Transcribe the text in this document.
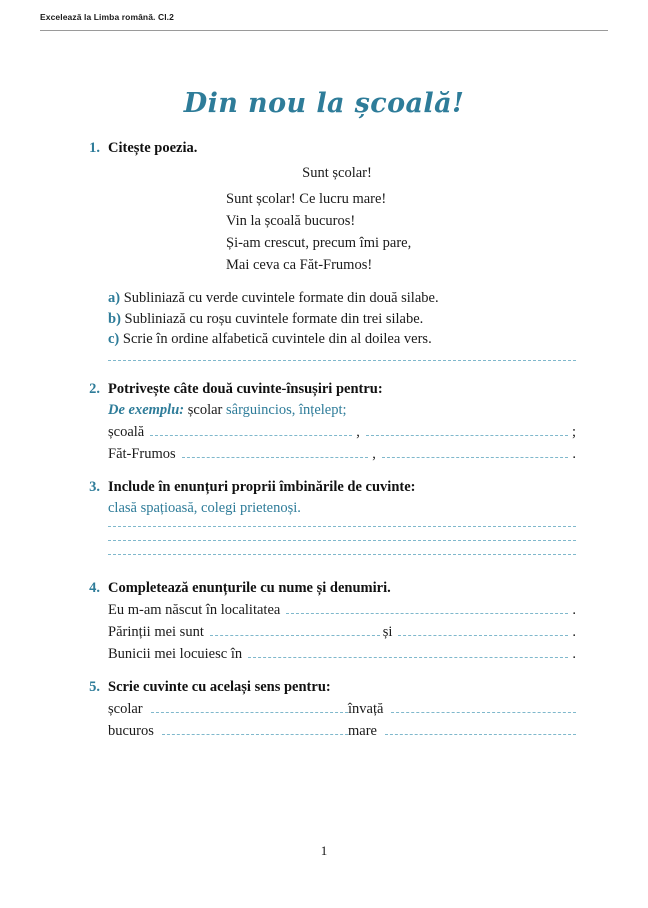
Excelează la Limba română. Cl.2
Din nou la școală!
1. Citește poezia.
Sunt școlar!
Sunt școlar! Ce lucru mare!
Vin la școală bucuros!
Și-am crescut, precum îmi pare,
Mai ceva ca Făt-Frumos!
a) Subliniază cu verde cuvintele formate din două silabe.
b) Subliniază cu roșu cuvintele formate din trei silabe.
c) Scrie în ordine alfabetică cuvintele din al doilea vers.
2. Potrivește câte două cuvinte-însușiri pentru:
De exemplu: școlar sârguincios, înțelept;
școală	,	;
Făt-Frumos	,	.
3. Include în enunțuri proprii îmbinările de cuvinte:
clasă spațioasă, colegi prietenoși.
4. Completează enunțurile cu nume și denumiri.
Eu m-am născut în localitatea	.
Părinții mei sunt	și	.
Bunicii mei locuiesc în	.
5. Scrie cuvinte cu același sens pentru:
școlar	învață
bucuros	mare
1
